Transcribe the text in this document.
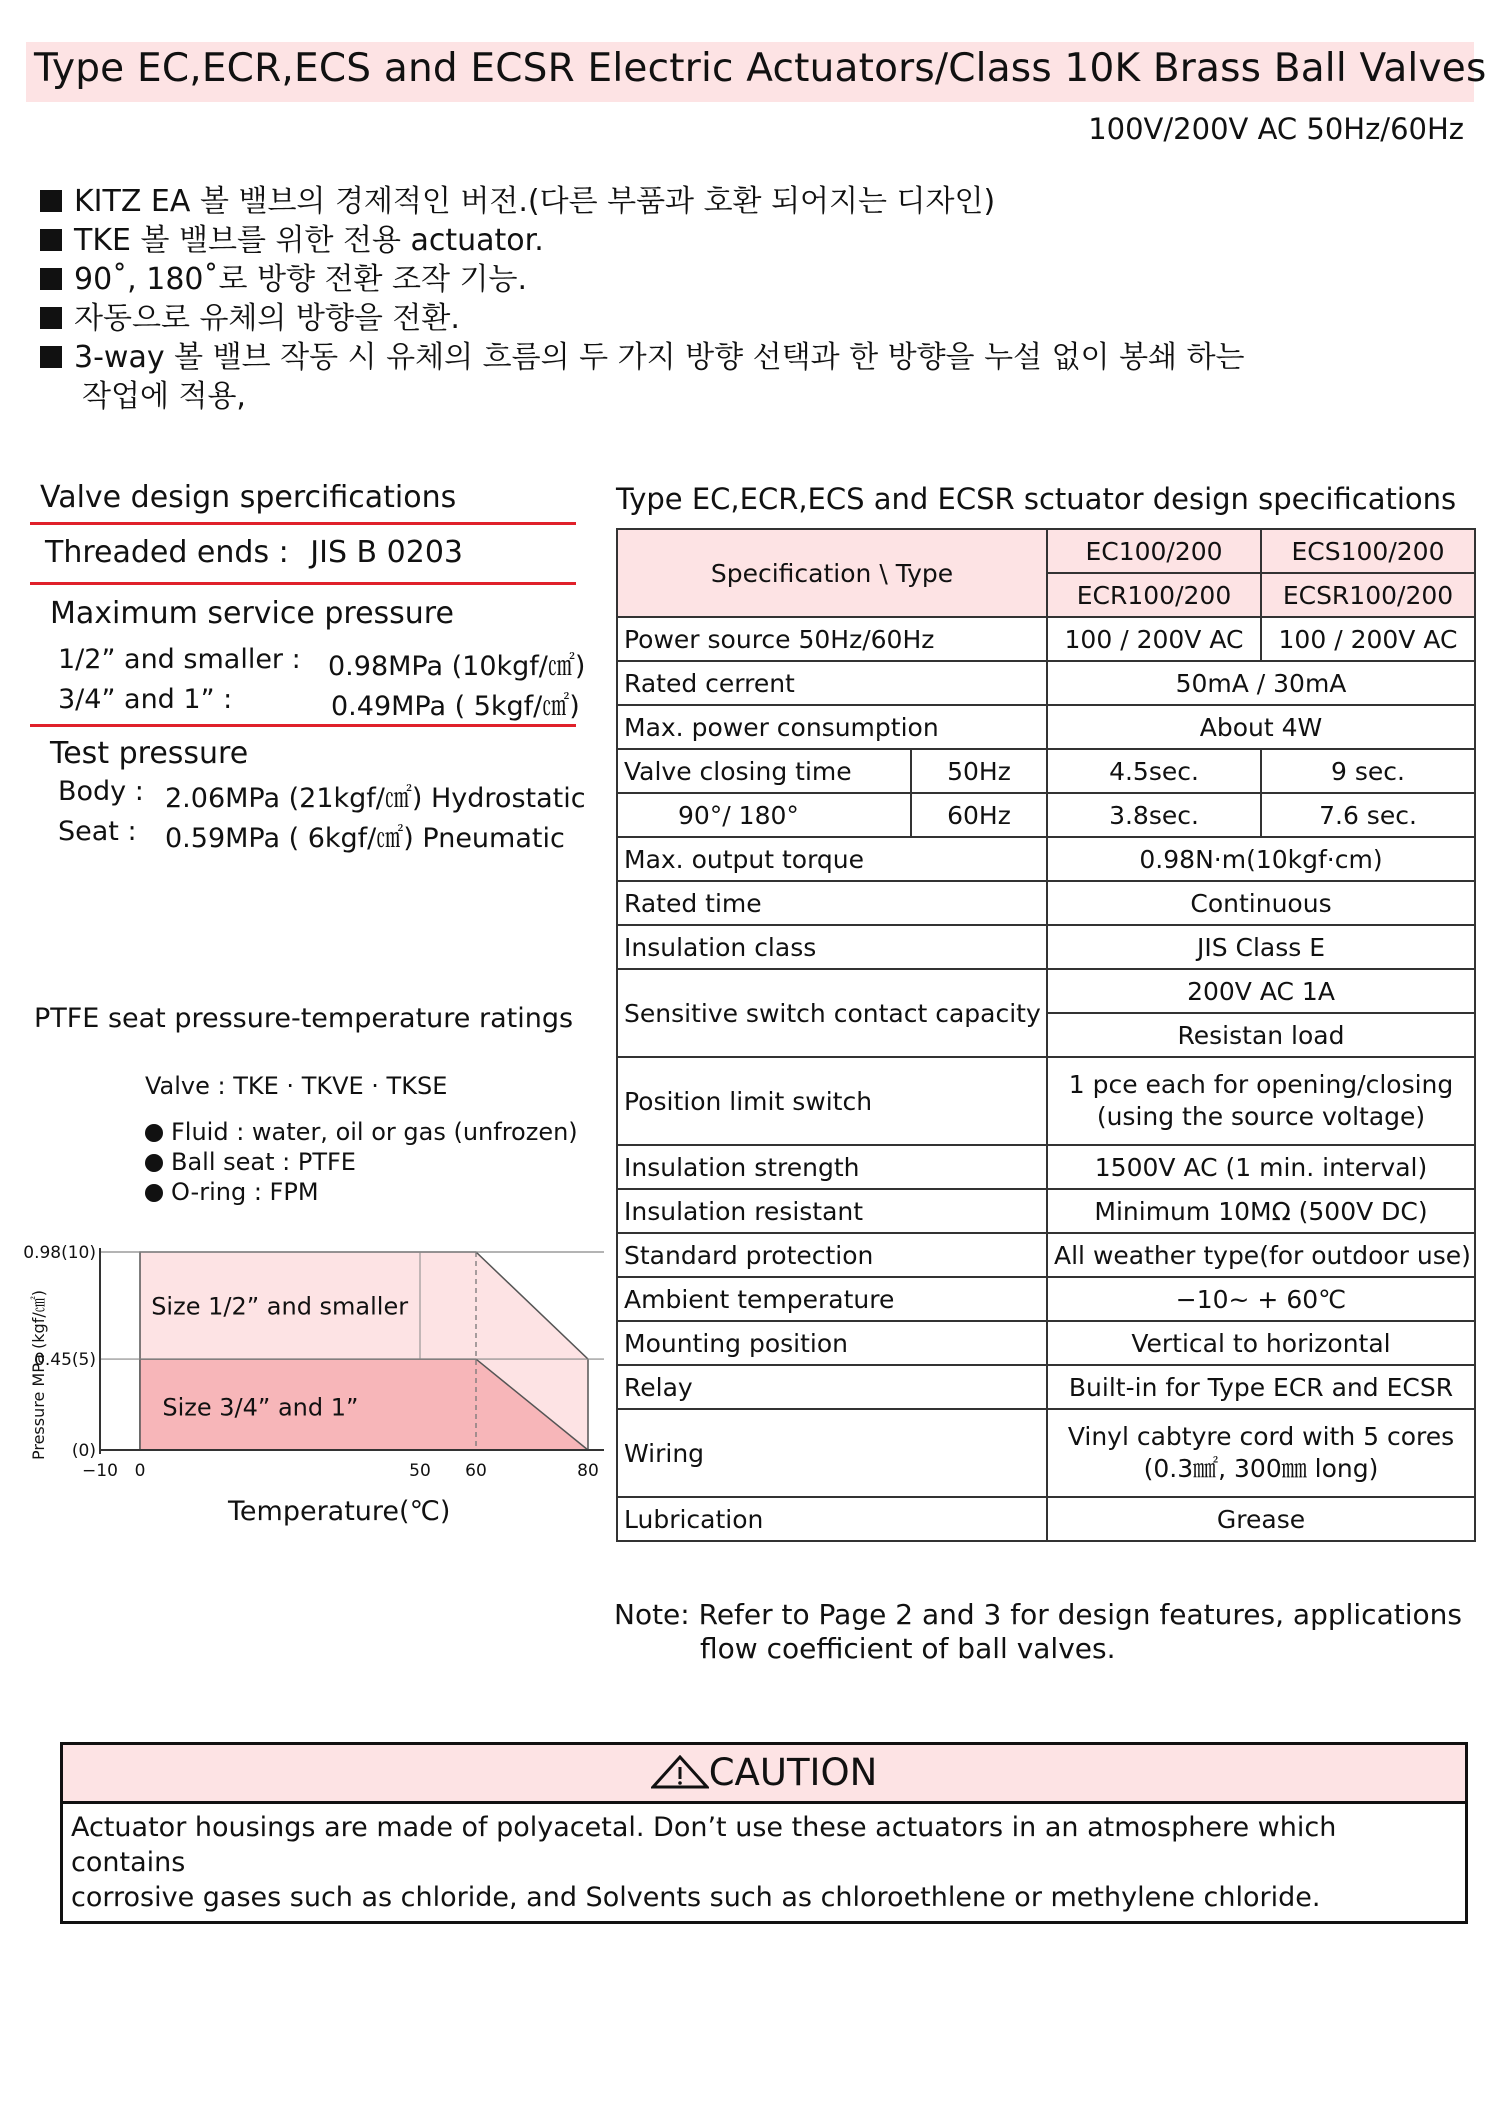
Type EC,ECR,ECS and ECSR Electric Actuators/Class 10K Brass Ball Valves
100V/200V AC 50Hz/60Hz
KITZ EA 볼 밸브의 경제적인 버전.(다른 부품과 호환 되어지는 디자인)
TKE 볼 밸브를 위한 전용 actuator.
90˚, 180˚로 방향 전환 조작 기능.
자동으로 유체의 방향을 전환.
3-way 볼 밸브 작동 시 유체의 흐름의 두 가지 방향 선택과 한 방향을 누설 없이 봉쇄 하는
작업에 적용,
Valve design spercifications
Threaded ends : JIS B 0203
Maximum service pressure
1/2” and smaller : 0.98MPa (10kgf/㎠)
3/4” and 1” :	0.49MPa ( 5kgf/㎠)
Test pressure
Body : 2.06MPa (21kgf/㎠) Hydrostatic
Seat : 0.59MPa ( 6kgf/㎠) Pneumatic
PTFE seat pressure-temperature ratings
Valve : TKE · TKVE · TKSE
Fluid : water, oil or gas (unfrozen)
Ball seat : PTFE
O-ring : FPM
0.98(10)
0.45(5)
(0)
−10 0	50 60	80
Size 1/2” and smaller
Size 3/4” and 1”
Temperature(℃)
Pressure MPa (kgf/㎠)
Type EC,ECR,ECS and ECSR sctuator design specifications
Specification \ Type		EC100/200	ECS100/200
		ECR100/200	ECSR100/200
Power source 50Hz/60Hz		100 / 200V AC	100 / 200V AC
Rated cerrent		50mA / 30mA	
Max. power consumption		About 4W	
Valve closing time	50Hz	4.5sec.	9 sec.
90°/ 180°	60Hz	3.8sec.	7.6 sec.
Max. output torque		0.98N·m(10kgf·cm)	
Rated time		Continuous	
Insulation class		JIS Class E	
Sensitive switch contact capacity		200V AC 1A	
		Resistan load	
Position limit switch		1 pce each for opening/closing
(using the source voltage)	

Insulation strength		1500V AC (1 min. interval)	
Insulation resistant		Minimum 10MΩ (500V DC)	
Standard protection		All weather type(for outdoor use)	
Ambient temperature		−10~ + 60℃	
Mounting position		Vertical to horizontal	
Relay		Built-in for Type ECR and ECSR	
Wiring		Vinyl cabtyre cord with 5 cores
(0.3㎟, 300㎜ long)	

Lubrication		Grease	
Note: Refer to Page 2 and 3 for design features, applications
flow coefficient of ball valves.
CAUTION
Actuator housings are made of polyacetal. Don’t use these actuators in an atmosphere which contains
corrosive gases such as chloride, and Solvents such as chloroethlene or methylene chloride.
